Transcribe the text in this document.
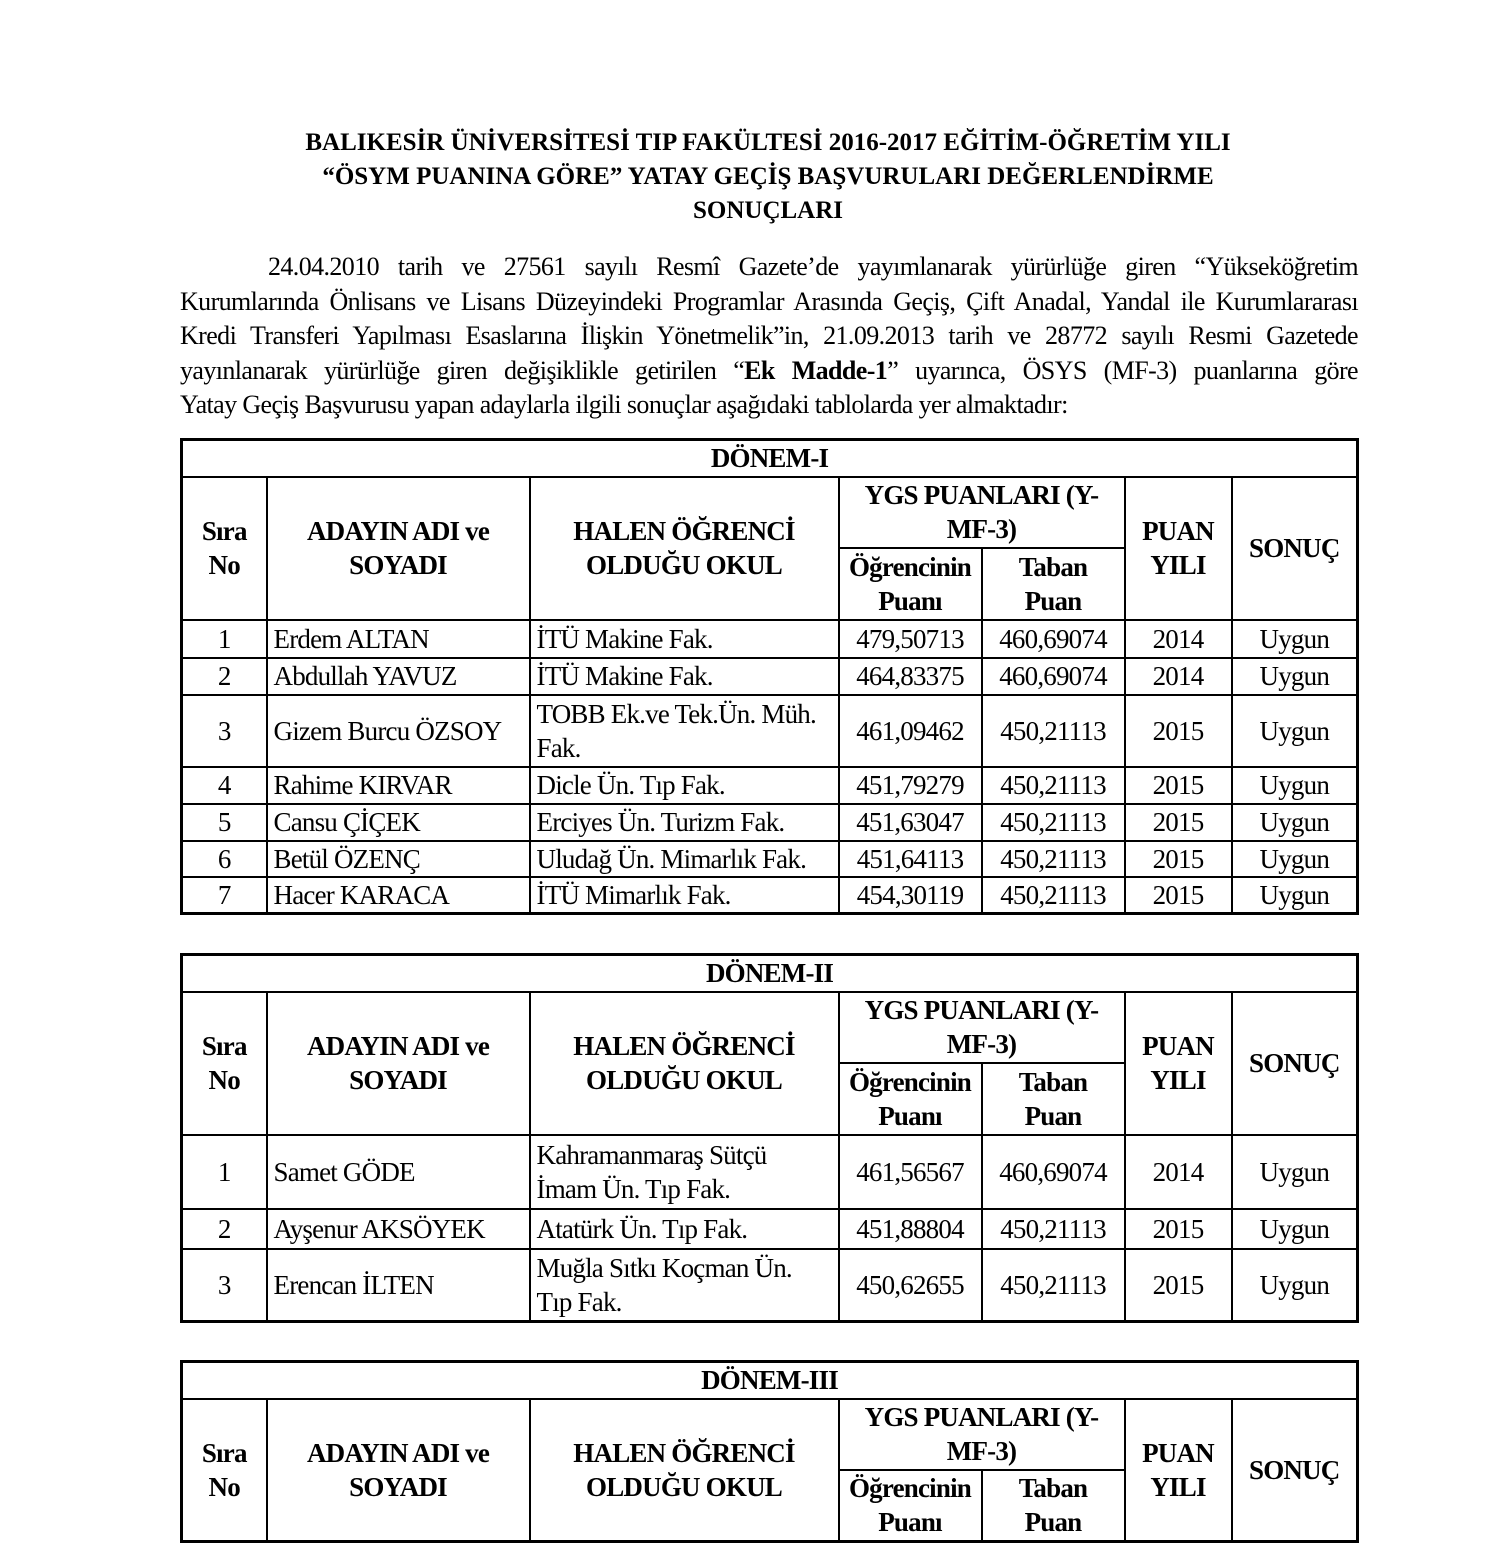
BALIKESİR ÜNİVERSİTESİ TIP FAKÜLTESİ 2016-2017 EĞİTİM-ÖĞRETİM YILI
“ÖSYM PUANINA GÖRE” YATAY GEÇİŞ BAŞVURULARI DEĞERLENDİRME
SONUÇLARI
24.04.2010 tarih ve 27561 sayılı Resmî Gazete’de yayımlanarak yürürlüğe giren “Yükseköğretim
Kurumlarında Önlisans ve Lisans Düzeyindeki Programlar Arasında Geçiş, Çift Anadal, Yandal ile Kurumlararası
Kredi Transferi Yapılması Esaslarına İlişkin Yönetmelik”in, 21.09.2013 tarih ve 28772 sayılı Resmi Gazetede
yayınlanarak yürürlüğe giren değişiklikle getirilen “Ek Madde-1” uyarınca, ÖSYS (MF-3) puanlarına göre
Yatay Geçiş Başvurusu yapan adaylarla ilgili sonuçlar aşağıdaki tablolarda yer almaktadır:
DÖNEM-I						
Sıra No	ADAYIN ADI ve SOYADI	HALEN ÖĞRENCİ OLDUĞU OKUL	YGS PUANLARI (Y-MF-3)		PUAN YILI	SONUÇ
			Öğrencinin Puanı	Taban Puan		
1	Erdem ALTAN	İTÜ Makine Fak.	479,50713	460,69074	2014	Uygun
2	Abdullah YAVUZ	İTÜ Makine Fak.	464,83375	460,69074	2014	Uygun
3	Gizem Burcu ÖZSOY	TOBB Ek.ve Tek.Ün. Müh. Fak.	461,09462	450,21113	2015	Uygun
4	Rahime KIRVAR	Dicle Ün. Tıp Fak.	451,79279	450,21113	2015	Uygun
5	Cansu ÇİÇEK	Erciyes Ün. Turizm Fak.	451,63047	450,21113	2015	Uygun
6	Betül ÖZENÇ	Uludağ Ün. Mimarlık Fak.	451,64113	450,21113	2015	Uygun
7	Hacer KARACA	İTÜ Mimarlık Fak.	454,30119	450,21113	2015	Uygun
DÖNEM-II						
Sıra No	ADAYIN ADI ve SOYADI	HALEN ÖĞRENCİ OLDUĞU OKUL	YGS PUANLARI (Y-MF-3)		PUAN YILI	SONUÇ
			Öğrencinin Puanı	Taban Puan		
1	Samet GÖDE	Kahramanmaraş Sütçü İmam Ün. Tıp Fak.	461,56567	460,69074	2014	Uygun
2	Ayşenur AKSÖYEK	Atatürk Ün. Tıp Fak.	451,88804	450,21113	2015	Uygun
3	Erencan İLTEN	Muğla Sıtkı Koçman Ün. Tıp Fak.	450,62655	450,21113	2015	Uygun
DÖNEM-III						
Sıra No	ADAYIN ADI ve SOYADI	HALEN ÖĞRENCİ OLDUĞU OKUL	YGS PUANLARI (Y-MF-3)		PUAN YILI	SONUÇ
			Öğrencinin Puanı	Taban Puan		
